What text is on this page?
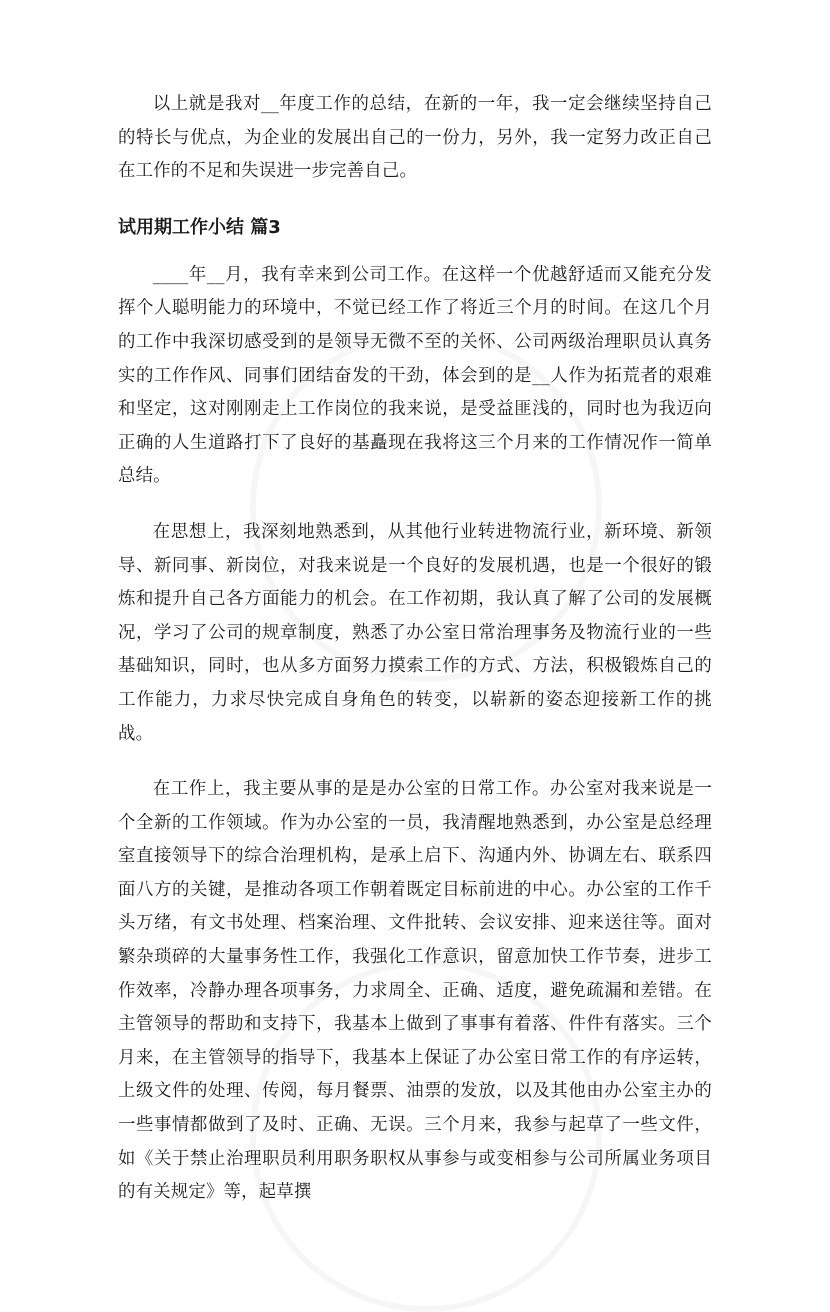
以上就是我对__年度工作的总结，在新的一年，我一定会继续坚持自己的特长与优点，为企业的发展出自己的一份力，另外，我一定努力改正自己在工作的不足和失误进一步完善自己。

试用期工作小结 篇3

____年__月，我有幸来到公司工作。在这样一个优越舒适而又能充分发挥个人聪明能力的环境中，不觉已经工作了将近三个月的时间。在这几个月的工作中我深切感受到的是领导无微不至的关怀、公司两级治理职员认真务实的工作作风、同事们团结奋发的干劲，体会到的是__人作为拓荒者的艰难和坚定，这对刚刚走上工作岗位的我来说，是受益匪浅的，同时也为我迈向正确的人生道路打下了良好的基矗现在我将这三个月来的工作情况作一简单总结。

在思想上，我深刻地熟悉到，从其他行业转进物流行业，新环境、新领导、新同事、新岗位，对我来说是一个良好的发展机遇，也是一个很好的锻炼和提升自己各方面能力的机会。在工作初期，我认真了解了公司的发展概况，学习了公司的规章制度，熟悉了办公室日常治理事务及物流行业的一些基础知识，同时，也从多方面努力摸索工作的方式、方法，积极锻炼自己的工作能力，力求尽快完成自身角色的转变，以崭新的姿态迎接新工作的挑战。

在工作上，我主要从事的是是办公室的日常工作。办公室对我来说是一个全新的工作领域。作为办公室的一员，我清醒地熟悉到，办公室是总经理室直接领导下的综合治理机构，是承上启下、沟通内外、协调左右、联系四面八方的关键，是推动各项工作朝着既定目标前进的中心。办公室的工作千头万绪，有文书处理、档案治理、文件批转、会议安排、迎来送往等。面对繁杂琐碎的大量事务性工作，我强化工作意识，留意加快工作节奏，进步工作效率，冷静办理各项事务，力求周全、正确、适度，避免疏漏和差错。在主管领导的帮助和支持下，我基本上做到了事事有着落、件件有落实。三个月来，在主管领导的指导下，我基本上保证了办公室日常工作的有序运转，上级文件的处理、传阅，每月餐票、油票的发放，以及其他由办公室主办的一些事情都做到了及时、正确、无误。三个月来，我参与起草了一些文件，如《关于禁止治理职员利用职务职权从事参与或变相参与公司所属业务项目的有关规定》等，起草撰
